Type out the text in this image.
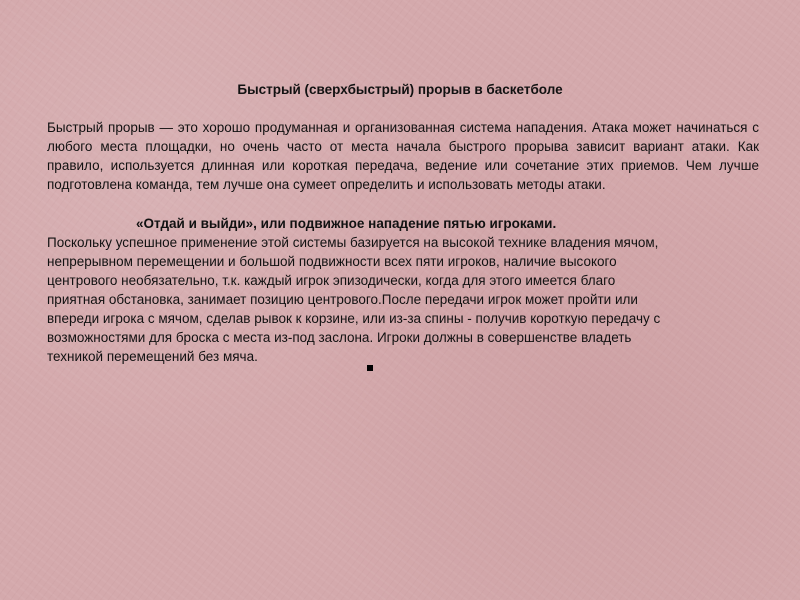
Быстрый (сверхбыстрый) прорыв в баскетболе
Быстрый прорыв — это хорошо продуманная и организованная система нападения. Атака может начинаться с любого места площадки, но очень часто от места начала быстрого прорыва зависит вариант атаки. Как правило, используется длинная или короткая передача, ведение или сочетание этих приемов. Чем лучше подготовлена команда, тем лучше она сумеет определить и использовать методы атаки.
«Отдай и выйди», или подвижное нападение пятью игроками.
Поскольку успешное применение этой системы базируется на высокой технике владения мячом,
непрерывном перемещении и большой подвижности всех пяти игроков, наличие высокого
центрового необязательно, т.к. каждый игрок эпизодически, когда для этого имеется благо
приятная обстановка, занимает позицию центрового.После передачи игрок может пройти или
впереди игрока с мячом, сделав рывок к корзине, или из-за спины - получив короткую передачу с
возможностями для броска с места из-под заслона. Игроки должны в совершенстве владеть
техникой перемещений без мяча.
